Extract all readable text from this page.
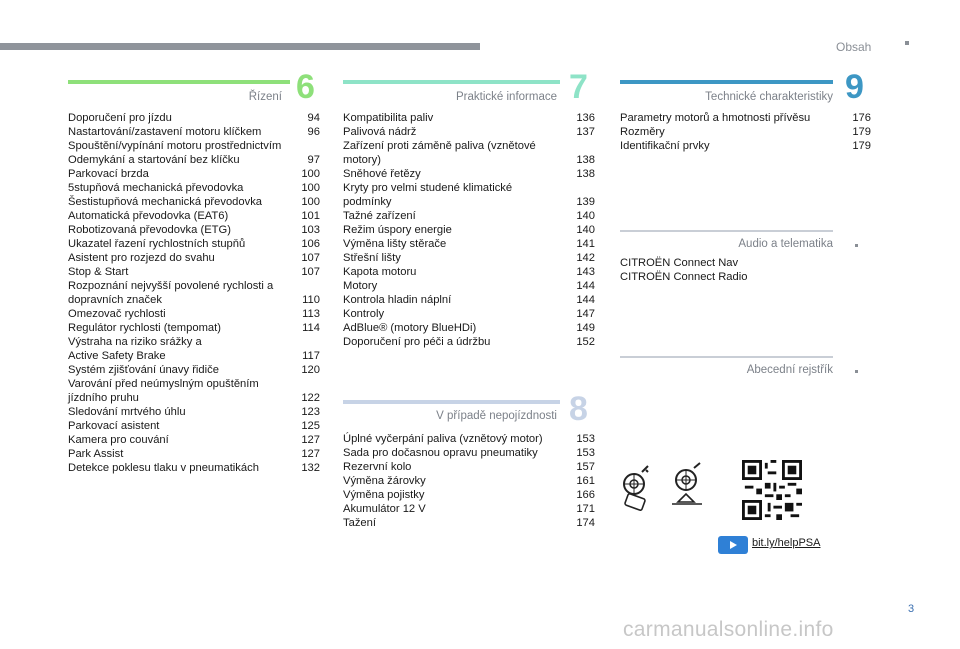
Obsah
Řízení 6
Doporučení pro jízdu	94
Nastartování/zastavení motoru klíčkem	96
Spouštění/vypínání motoru prostřednictvím
Odemykání a startování bez klíčku	97
Parkovací brzda	100
5stupňová mechanická převodovka	100
Šestistupňová mechanická převodovka	100
Automatická převodovka (EAT6)	101
Robotizovaná převodovka (ETG)	103
Ukazatel řazení rychlostních stupňů	106
Asistent pro rozjezd do svahu	107
Stop & Start	107
Rozpoznání nejvyšší povolené rychlosti a
dopravních značek	110
Omezovač rychlosti	113
Regulátor rychlosti (tempomat)	114
Výstraha na riziko srážky a
Active Safety Brake	117
Systém zjišťování únavy řidiče	120
Varování před neúmyslným opuštěním
jízdního pruhu	122
Sledování mrtvého úhlu	123
Parkovací asistent	125
Kamera pro couvání	127
Park Assist	127
Detekce poklesu tlaku v pneumatikách	132
Praktické informace 7
Kompatibilita paliv	136
Palivová nádrž	137
Zařízení proti záměně paliva (vznětové
motory)	138
Sněhové řetězy	138
Kryty pro velmi studené klimatické
podmínky	139
Tažné zařízení	140
Režim úspory energie	140
Výměna lišty stěrače	141
Střešní lišty	142
Kapota motoru	143
Motory	144
Kontrola hladin náplní	144
Kontroly	147
AdBlue® (motory BlueHDi)	149
Doporučení pro péči a údržbu	152
V případě nepojízdnosti 8
Úplné vyčerpání paliva (vznětový motor)	153
Sada pro dočasnou opravu pneumatiky	153
Rezervní kolo	157
Výměna žárovky	161
Výměna pojistky	166
Akumulátor 12 V	171
Tažení	174
Technické charakteristiky 9
Parametry motorů a hmotnosti přívěsu	176
Rozměry	179
Identifikační prvky	179
Audio a telematika
CITROËN Connect Nav
CITROËN Connect Radio
Abecední rejstřík
bit.ly/helpPSA
3
carmanualsonline.info
